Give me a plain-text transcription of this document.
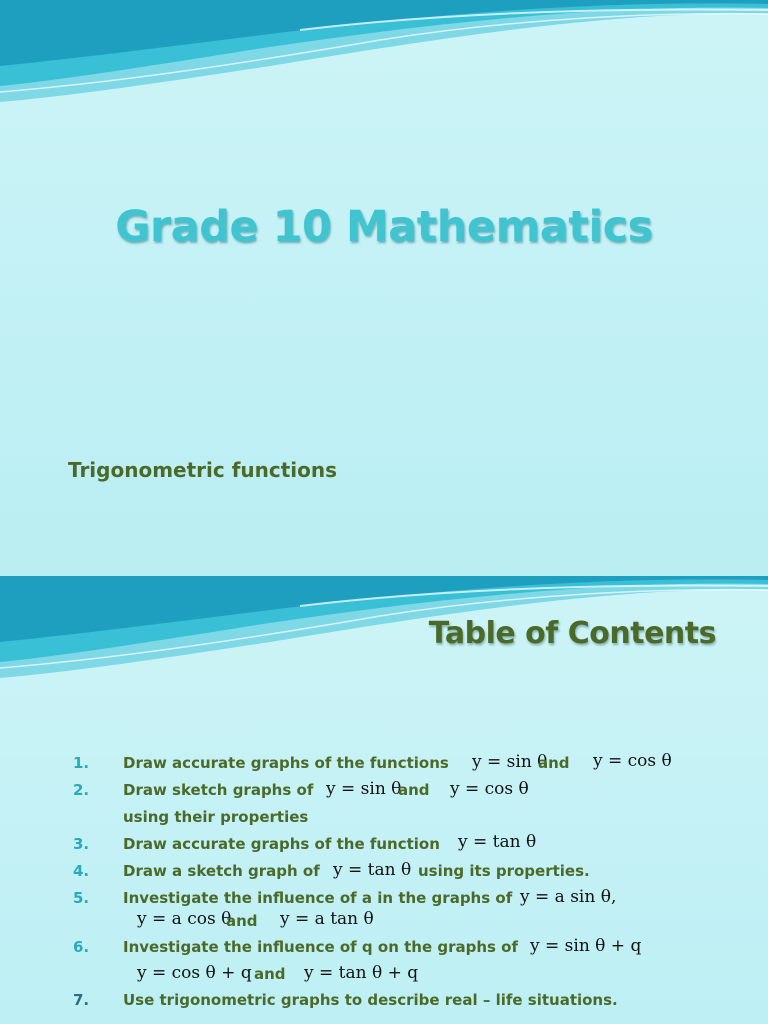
Grade 10 Mathematics
Trigonometric functions
Table of Contents
1. Draw accurate graphs of the functions y = sin θ
and y = cos θ
2. Draw sketch graphs of y = sin θ
and y = cos θ
using their properties
3. Draw accurate graphs of the function y = tan θ
4. Draw a sketch graph of y = tan θ using its properties.
5. Investigate the influence of a in the graphs of y = a sin θ,
y = a cos θ
and y = a tan θ
6. Investigate the influence of q on the graphs of y = sin θ + q
y = cos θ + q and y = tan θ + q
7. Use trigonometric graphs to describe real – life situations.
